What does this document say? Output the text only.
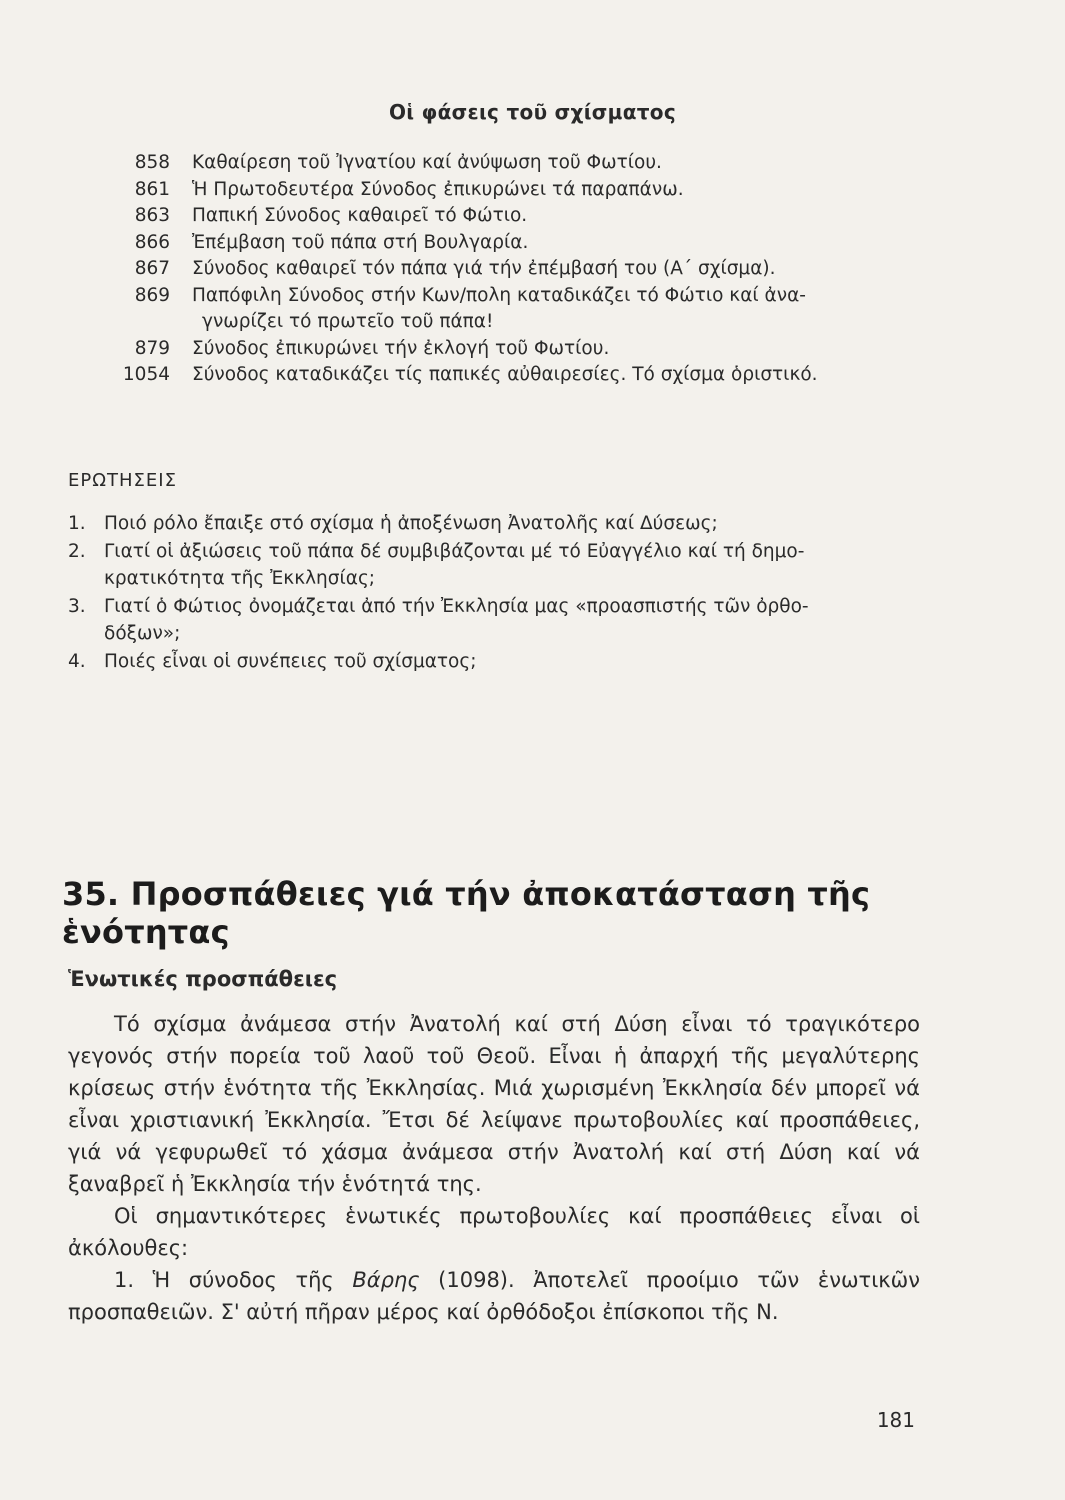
Οἱ φάσεις τοῦ σχίσματος
858	Καθαίρεση τοῦ Ἰγνατίου καί ἀνύψωση τοῦ Φωτίου.
861	Ἡ Πρωτοδευτέρα Σύνοδος ἐπικυρώνει τά παραπάνω.
863	Παπική Σύνοδος καθαιρεῖ τό Φώτιο.
866	Ἐπέμβαση τοῦ πάπα στή Βουλγαρία.
867	Σύνοδος καθαιρεῖ τόν πάπα γιά τήν ἐπέμβασή του (Α΄ σχίσμα).
869	Παπόφιλη Σύνοδος στήν Κων/πολη καταδικάζει τό Φώτιο καί ἀνα-
γνωρίζει τό πρωτεῖο τοῦ πάπα!
879	Σύνοδος ἐπικυρώνει τήν ἐκλογή τοῦ Φωτίου.
1054	Σύνοδος καταδικάζει τίς παπικές αὐθαιρεσίες. Τό σχίσμα ὁριστικό.
ΕΡΩΤΗΣΕΙΣ
1. Ποιό ρόλο ἔπαιξε στό σχίσμα ἡ ἀποξένωση Ἀνατολῆς καί Δύσεως;
2. Γιατί οἱ ἀξιώσεις τοῦ πάπα δέ συμβιβάζονται μέ τό Εὐαγγέλιο καί τή δημο-
κρατικότητα τῆς Ἐκκλησίας;
3. Γιατί ὁ Φώτιος ὀνομάζεται ἀπό τήν Ἐκκλησία μας «προασπιστής τῶν ὀρθο-
δόξων»;
4. Ποιές εἶναι οἱ συνέπειες τοῦ σχίσματος;
35. Προσπάθειες γιά τήν ἀποκατάσταση τῆς ἑνότητας
Ἑνωτικές προσπάθειες

Τό σχίσμα ἀνάμεσα στήν Ἀνατολή καί στή Δύση εἶναι τό τραγικότερο γεγονός στήν πορεία τοῦ λαοῦ τοῦ Θεοῦ. Εἶναι ἡ ἀπαρχή τῆς μεγαλύτερης κρίσεως στήν ἑνότητα τῆς Ἐκκλησίας. Μιά χωρισμένη Ἐκκλησία δέν μπορεῖ νά εἶναι χριστιανική Ἐκκλησία. Ἔτσι δέ λείψανε πρωτοβουλίες καί προσπάθειες, γιά νά γεφυρωθεῖ τό χάσμα ἀνάμεσα στήν Ἀνατολή καί στή Δύση καί νά ξαναβρεῖ ἡ Ἐκκλησία τήν ἑνότητά της.

Οἱ σημαντικότερες ἑνωτικές πρωτοβουλίες καί προσπάθειες εἶναι οἱ ἀκόλουθες:

1. Ἡ σύνοδος τῆς Βάρης (1098). Ἀποτελεῖ προοίμιο τῶν ἑνωτικῶν προσπαθειῶν. Σ' αὐτή πῆραν μέρος καί ὀρθόδοξοι ἐπίσκοποι τῆς Ν.

181
